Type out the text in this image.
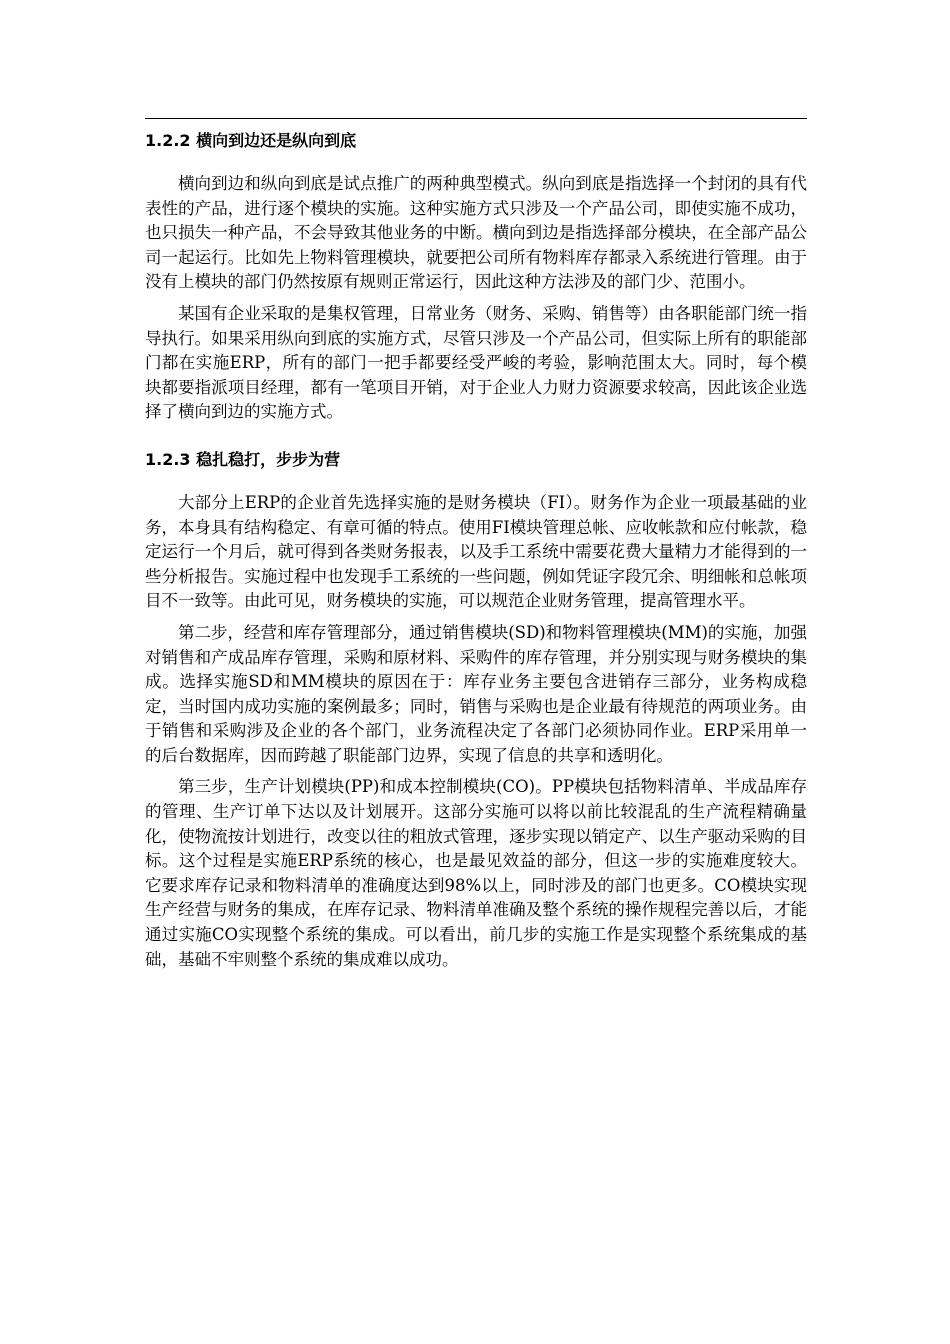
1.2.2 横向到边还是纵向到底

横向到边和纵向到底是试点推广的两种典型模式。纵向到底是指选择一个封闭的具有代表性的产品，进行逐个模块的实施。这种实施方式只涉及一个产品公司，即使实施不成功，也只损失一种产品，不会导致其他业务的中断。横向到边是指选择部分模块，在全部产品公司一起运行。比如先上物料管理模块，就要把公司所有物料库存都录入系统进行管理。由于没有上模块的部门仍然按原有规则正常运行，因此这种方法涉及的部门少、范围小。

某国有企业采取的是集权管理，日常业务（财务、采购、销售等）由各职能部门统一指导执行。如果采用纵向到底的实施方式，尽管只涉及一个产品公司，但实际上所有的职能部门都在实施ERP，所有的部门一把手都要经受严峻的考验，影响范围太大。同时，每个模块都要指派项目经理，都有一笔项目开销，对于企业人力财力资源要求较高，因此该企业选择了横向到边的实施方式。

1.2.3 稳扎稳打，步步为营

大部分上ERP的企业首先选择实施的是财务模块（FI）。财务作为企业一项最基础的业务，本身具有结构稳定、有章可循的特点。使用FI模块管理总帐、应收帐款和应付帐款，稳定运行一个月后，就可得到各类财务报表，以及手工系统中需要花费大量精力才能得到的一些分析报告。实施过程中也发现手工系统的一些问题，例如凭证字段冗余、明细帐和总帐项目不一致等。由此可见，财务模块的实施，可以规范企业财务管理，提高管理水平。

第二步，经营和库存管理部分，通过销售模块(SD)和物料管理模块(MM)的实施，加强对销售和产成品库存管理，采购和原材料、采购件的库存管理，并分别实现与财务模块的集成。选择实施SD和MM模块的原因在于：库存业务主要包含进销存三部分，业务构成稳定，当时国内成功实施的案例最多；同时，销售与采购也是企业最有待规范的两项业务。由于销售和采购涉及企业的各个部门，业务流程决定了各部门必须协同作业。ERP采用单一的后台数据库，因而跨越了职能部门边界，实现了信息的共享和透明化。

第三步，生产计划模块(PP)和成本控制模块(CO)。PP模块包括物料清单、半成品库存的管理、生产订单下达以及计划展开。这部分实施可以将以前比较混乱的生产流程精确量化，使物流按计划进行，改变以往的粗放式管理，逐步实现以销定产、以生产驱动采购的目标。这个过程是实施ERP系统的核心，也是最见效益的部分，但这一步的实施难度较大。它要求库存记录和物料清单的准确度达到98%以上，同时涉及的部门也更多。CO模块实现生产经营与财务的集成，在库存记录、物料清单准确及整个系统的操作规程完善以后，才能通过实施CO实现整个系统的集成。可以看出，前几步的实施工作是实现整个系统集成的基础，基础不牢则整个系统的集成难以成功。
